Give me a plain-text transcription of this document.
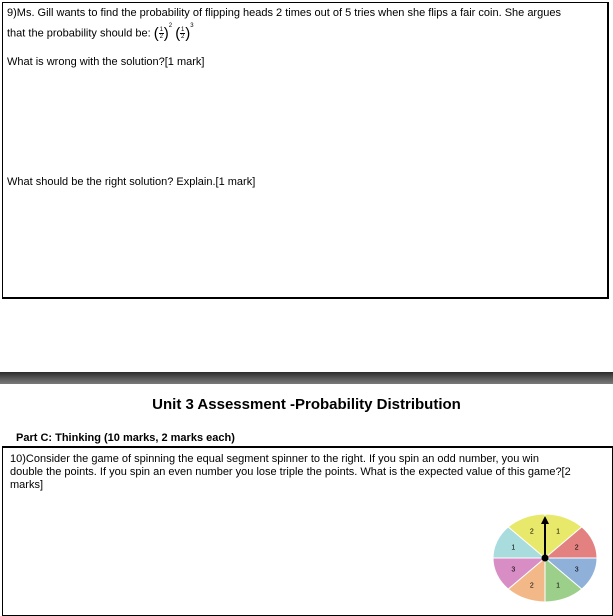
9)Ms. Gill wants to find the probability of flipping heads 2 times out of 5 tries when she flips a fair coin. She argues
that the probability should be: ( $\frac{1}{2} )^2$ ( $\frac{1}{2} )^3$
What is wrong with the solution?[1 mark]
What should be the right solution? Explain.[1 mark]
Unit 3 Assessment -Probability Distribution
Part C: Thinking (10 marks, 2 marks each)
10)Consider the game of spinning the equal segment spinner to the right. If you spin an odd number, you win double the points. If you spin an even number you lose triple the points. What is the expected value of this game?[2 marks]
1
2
3
1
2
3
1
2
